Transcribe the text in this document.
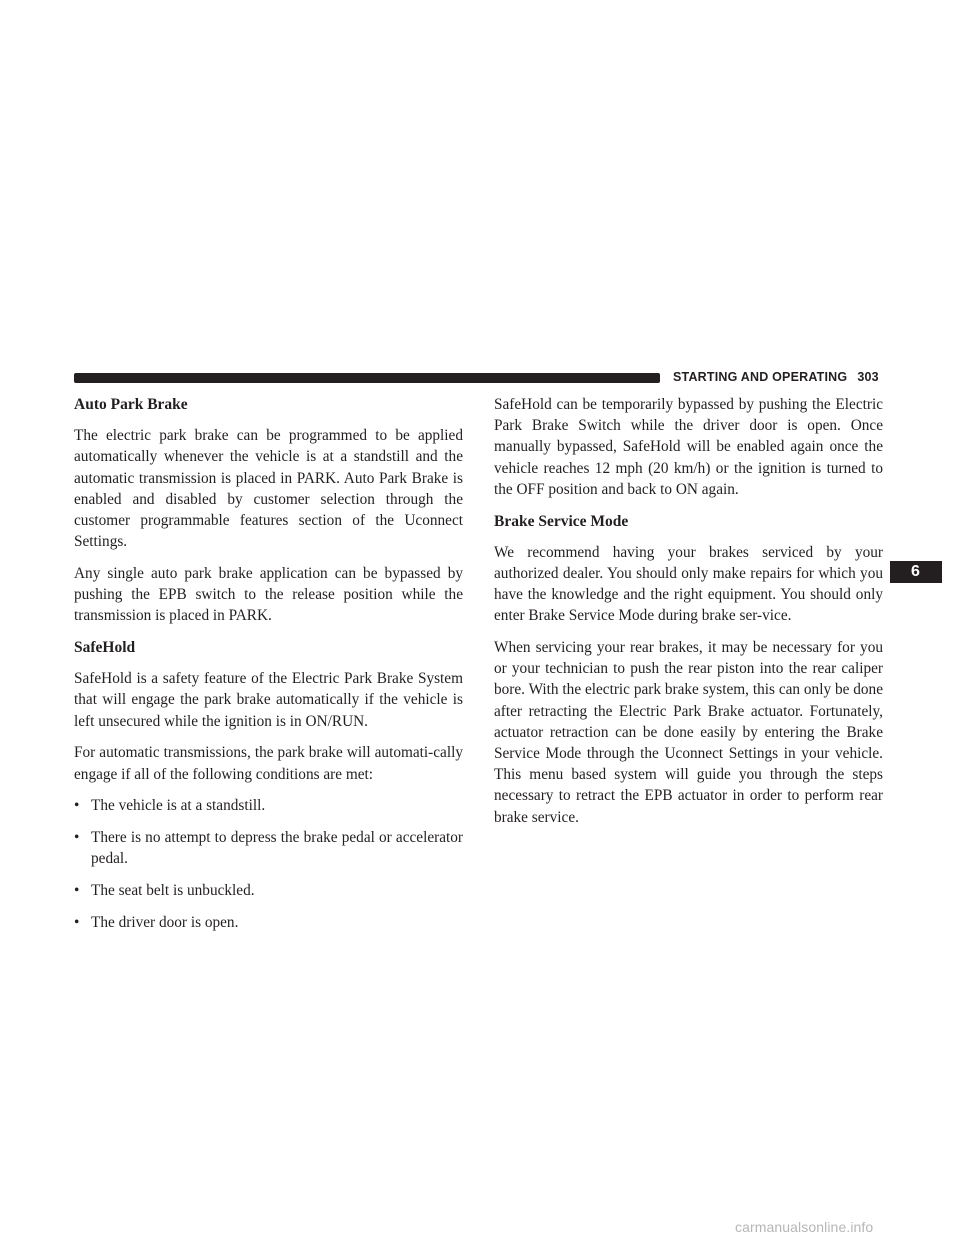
STARTING AND OPERATING 303
Auto Park Brake

The electric park brake can be programmed to be applied automatically whenever the vehicle is at a standstill and the automatic transmission is placed in PARK. Auto Park Brake is enabled and disabled by customer selection through the customer programmable features section of the Uconnect Settings.

Any single auto park brake application can be bypassed by pushing the EPB switch to the release position while the transmission is placed in PARK.

SafeHold

SafeHold is a safety feature of the Electric Park Brake System that will engage the park brake automatically if the vehicle is left unsecured while the ignition is in ON/RUN.

For automatic transmissions, the park brake will automati-cally engage if all of the following conditions are met:

• The vehicle is at a standstill.
• There is no attempt to depress the brake pedal or accelerator pedal.
• The seat belt is unbuckled.
• The driver door is open.

SafeHold can be temporarily bypassed by pushing the Electric Park Brake Switch while the driver door is open. Once manually bypassed, SafeHold will be enabled again once the vehicle reaches 12 mph (20 km/h) or the ignition is turned to the OFF position and back to ON again.

Brake Service Mode

We recommend having your brakes serviced by your authorized dealer. You should only make repairs for which you have the knowledge and the right equipment. You should only enter Brake Service Mode during brake ser-vice.

When servicing your rear brakes, it may be necessary for you or your technician to push the rear piston into the rear caliper bore. With the electric park brake system, this can only be done after retracting the Electric Park Brake actuator. Fortunately, actuator retraction can be done easily by entering the Brake Service Mode through the Uconnect Settings in your vehicle. This menu based system will guide you through the steps necessary to retract the EPB actuator in order to perform rear brake service.

6
carmanualsonline.info
